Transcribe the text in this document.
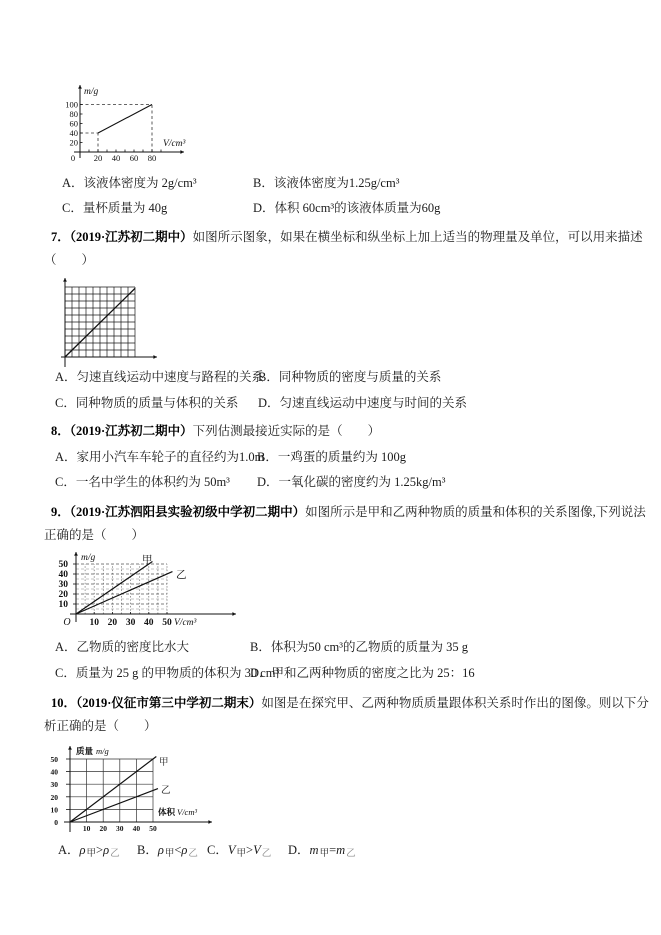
0 20 40 60 80
20
40
60
80
100
m/g
V/cm³
A．该液体密度为 2g/cm³	B．该液体密度为1.25g/cm³
C．量杯质量为 40g	D．体积 60cm³的该液体质量为60g

7．（2019·江苏初二期中）如图所示图象，如果在横坐标和纵坐标上加上适当的物理量及单位，可以用来描述（　　）

A．匀速直线运动中速度与路程的关系
B．同种物质的密度与质量的关系
C．同种物质的质量与体积的关系	D．匀速直线运动中速度与时间的关系

8．（2019·江苏初二期中）下列估测最接近实际的是（　　）

A．家用小汽车车轮子的直径约为1.0m
B．一鸡蛋的质量约为 100g
C．一名中学生的体积约为 50m³	D．一氧化碳的密度约为 1.25kg/m³

9．（2019·江苏泗阳县实验初级中学初二期中）如图所示是甲和乙两种物质的质量和体积的关系图像,下列说法正确的是（　　）

10 20 30 40 50
10
20
30
40
50
m/g
O	V/cm³
甲
乙
A．乙物质的密度比水大	B．体积为50 cm³的乙物质的质量为 35 g
C．质量为 25 g 的甲物质的体积为 30 cm³
D．甲和乙两种物质的密度之比为 25：16

10．（2019·仪征市第三中学初二期末）如图是在探究甲、乙两种物质质量跟体积关系时作出的图像。则以下分析正确的是（　　）

10 20 30 40 50
0
10
20
30
40
50
质量 m/g
体积 V/cm³
甲
乙
A．ρ甲>ρ乙 B．ρ甲<ρ乙 C．V甲>V乙 D．m甲=m乙
